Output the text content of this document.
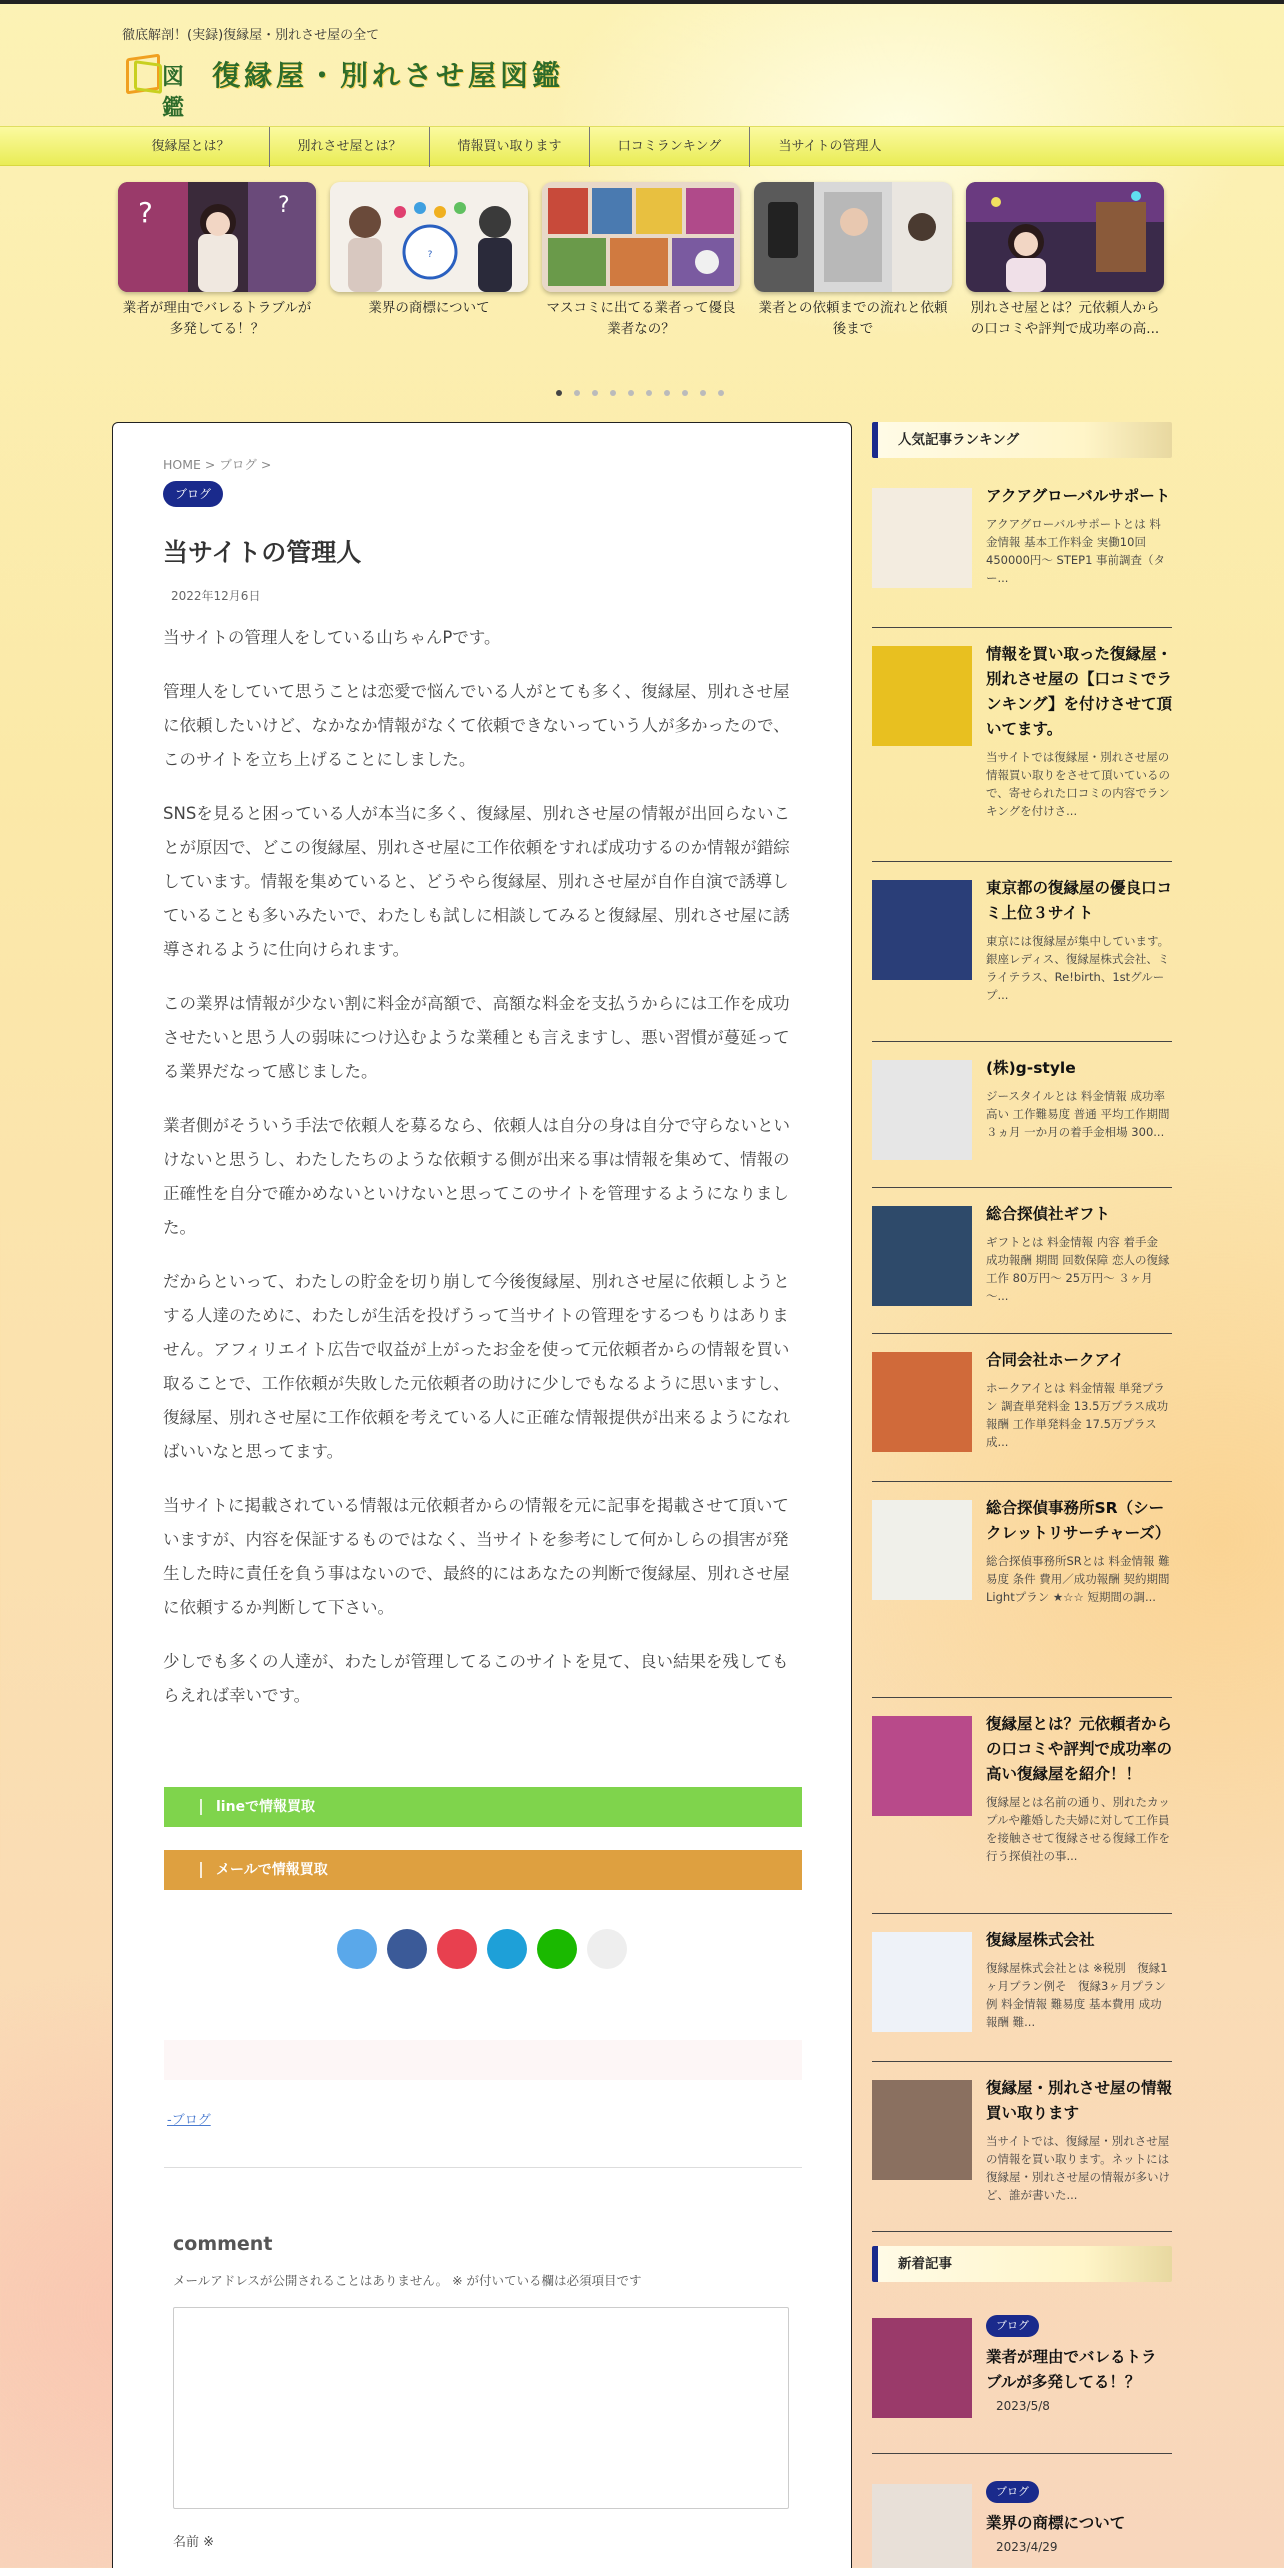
徹底解剖！(実録)復縁屋・別れさせ屋の全て
図鑑
復縁屋・別れさせ屋図鑑
復縁屋とは？	別れさせ屋とは？	情報買い取ります	口コミランキング	当サイトの管理人
?	?
業者が理由でバレるトラブルが多発してる！？
?
業界の商標について	マスコミに出てる業者って優良業者なの？
業者との依頼までの流れと依頼後まで
別れさせ屋とは？元依頼人からの口コミや評判で成功率の高...
HOME > ブログ >
ブログ
当サイトの管理人
2022年12月6日

当サイトの管理人をしている山ちゃんPです。

管理人をしていて思うことは恋愛で悩んでいる人がとても多く、復縁屋、別れさせ屋に依頼したいけど、なかなか情報がなくて依頼できないっていう人が多かったので、このサイトを立ち上げることにしました。

SNSを見ると困っている人が本当に多く、復縁屋、別れさせ屋の情報が出回らないことが原因で、どこの復縁屋、別れさせ屋に工作依頼をすれば成功するのか情報が錯綜しています。情報を集めていると、どうやら復縁屋、別れさせ屋が自作自演で誘導していることも多いみたいで、わたしも試しに相談してみると復縁屋、別れさせ屋に誘導されるように仕向けられます。

この業界は情報が少ない割に料金が高額で、高額な料金を支払うからには工作を成功させたいと思う人の弱味につけ込むような業種とも言えますし、悪い習慣が蔓延ってる業界だなって感じました。

業者側がそういう手法で依頼人を募るなら、依頼人は自分の身は自分で守らないといけないと思うし、わたしたちのような依頼する側が出来る事は情報を集めて、情報の正確性を自分で確かめないといけないと思ってこのサイトを管理するようになりました。

だからといって、わたしの貯金を切り崩して今後復縁屋、別れさせ屋に依頼しようとする人達のために、わたしが生活を投げうって当サイトの管理をするつもりはありません。アフィリエイト広告で収益が上がったお金を使って元依頼者からの情報を買い取ることで、工作依頼が失敗した元依頼者の助けに少しでもなるように思いますし、復縁屋、別れさせ屋に工作依頼を考えている人に正確な情報提供が出来るようになればいいなと思ってます。

当サイトに掲載されている情報は元依頼者からの情報を元に記事を掲載させて頂いていますが、内容を保証するものではなく、当サイトを参考にして何かしらの損害が発生した時に責任を負う事はないので、最終的にはあなたの判断で復縁屋、別れさせ屋に依頼するか判断して下さい。

少しでも多くの人達が、わたしが管理してるこのサイトを見て、良い結果を残してもらえれば幸いです。

lineで情報買取
メールで情報買取
-ブログ
comment
メールアドレスが公開されることはありません。 ※ が付いている欄は必須項目です
名前 ※
人気記事ランキング
アクアグローバルサポート
アクアグローバルサポートとは 料金情報 基本工作料金 実働10回 450000円～ STEP1 事前調査（ター...
情報を買い取った復縁屋・別れさせ屋の【口コミでランキング】を付けさせて頂いてます。
当サイトでは復縁屋・別れさせ屋の情報買い取りをさせて頂いているので、寄せられた口コミの内容でランキングを付けさ...
東京都の復縁屋の優良口コミ上位３サイト
東京には復縁屋が集中しています。 銀座レディス、復縁屋株式会社、ミライテラス、Re!birth、1stグループ...
(株)g-style
ジースタイルとは 料金情報 成功率 高い 工作難易度 普通 平均工作期間 ３ヵ月 一か月の着手金相場 300...
総合探偵社ギフト
ギフトとは 料金情報 内容 着手金 成功報酬 期間 回数保障 恋人の復縁工作 80万円～ 25万円～ ３ヶ月～...
合同会社ホークアイ
ホークアイとは 料金情報 単発プラン 調査単発料金 13.5万プラス成功報酬 工作単発料金 17.5万プラス成...
総合探偵事務所SR（シークレットリサーチャーズ）
総合探偵事務所SRとは 料金情報 難易度 条件 費用／成功報酬 契約期間 Lightプラン ★☆☆ 短期間の調...
復縁屋とは？元依頼者からの口コミや評判で成功率の高い復縁屋を紹介！！
復縁屋とは名前の通り、別れたカップルや離婚した夫婦に対して工作員を接触させて復縁させる復縁工作を行う探偵社の事...
復縁屋株式会社
復縁屋株式会社とは ※税別　復縁1ヶ月プラン例そ　復縁3ヶ月プラン例 料金情報 難易度 基本費用 成功報酬 難...
復縁屋・別れさせ屋の情報買い取ります
当サイトでは、復縁屋・別れさせ屋の情報を買い取ります。ネットには復縁屋・別れさせ屋の情報が多いけど、誰が書いた...
新着記事
ブログ
業者が理由でバレるトラブルが多発してる！？
2023/5/8
ブログ
業界の商標について
2023/4/29
